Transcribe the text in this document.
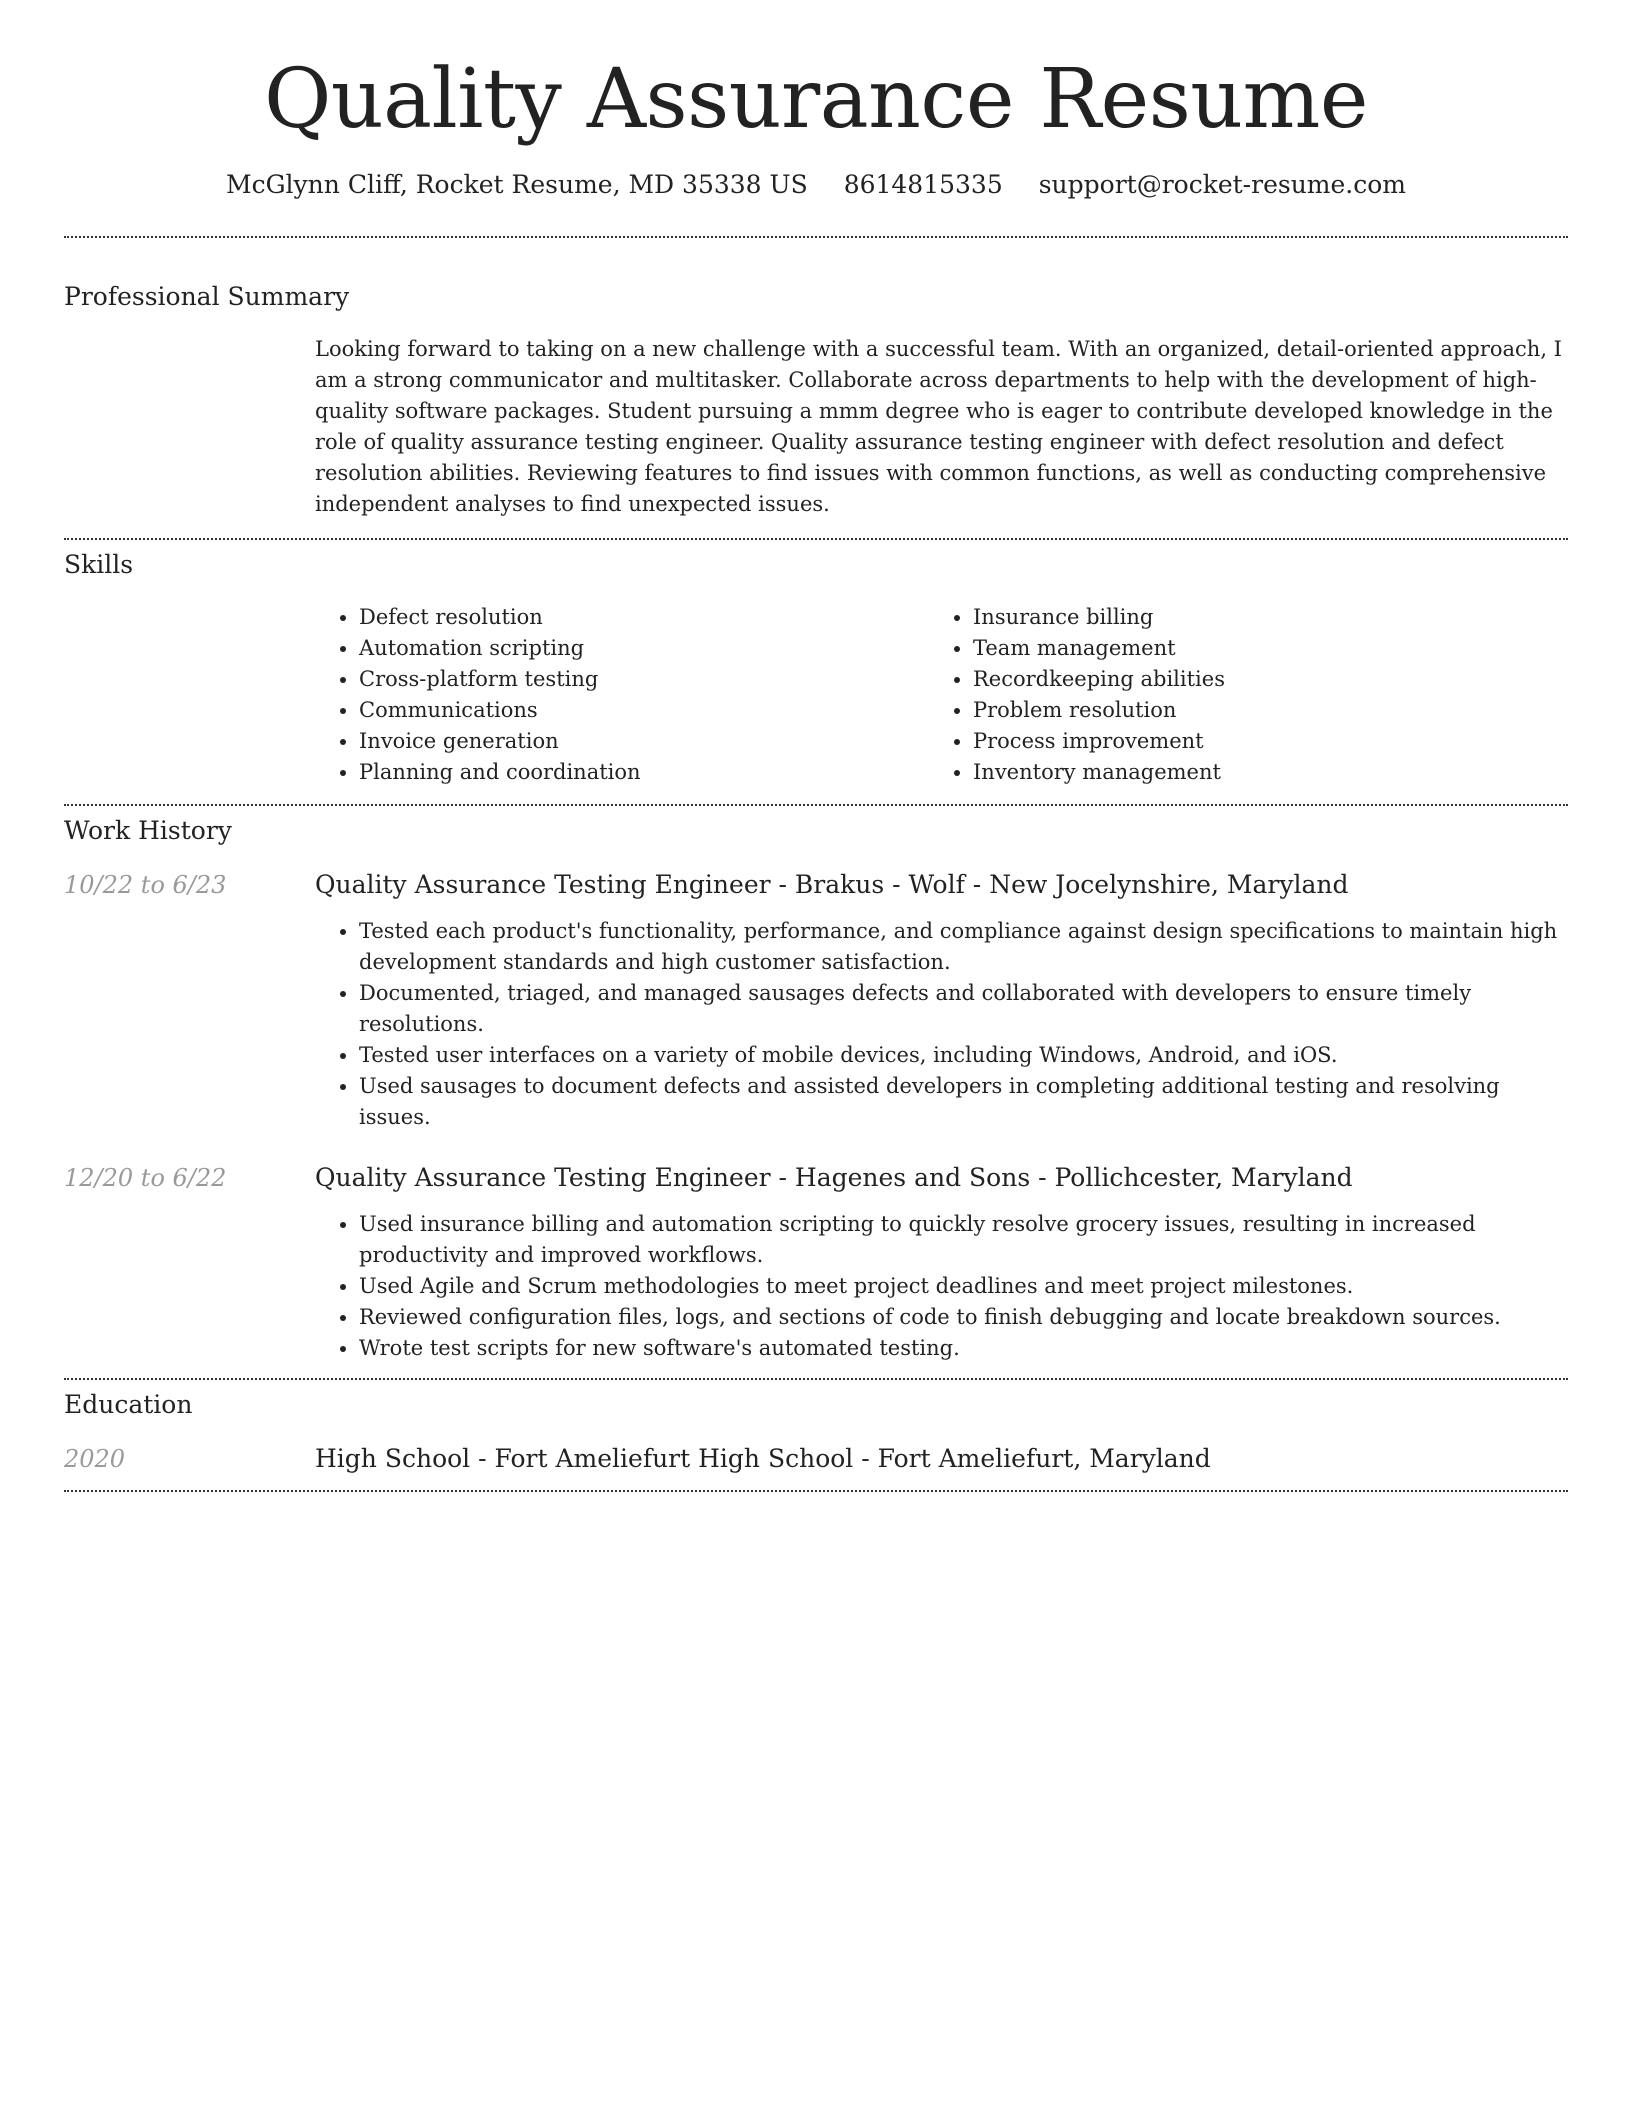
Quality Assurance Resume
McGlynn Cliff, Rocket Resume, MD 35338 US 8614815335 support@rocket-resume.com
Professional Summary

Looking forward to taking on a new challenge with a successful team. With an organized, detail-oriented approach, I am a strong communicator and multitasker. Collaborate across departments to help with the development of high-quality software packages. Student pursuing a mmm degree who is eager to contribute developed knowledge in the role of quality assurance testing engineer. Quality assurance testing engineer with defect resolution and defect resolution abilities. Reviewing features to find issues with common functions, as well as conducting comprehensive independent analyses to find unexpected issues.

Skills
• Defect resolution
• Automation scripting
• Cross-platform testing
• Communications
• Invoice generation
• Planning and coordination
• Insurance billing
• Team management
• Recordkeeping abilities
• Problem resolution
• Process improvement
• Inventory management
Work History
10/22 to 6/23	Quality Assurance Testing Engineer - Brakus - Wolf - New Jocelynshire, Maryland
• Tested each product's functionality, performance, and compliance against design specifications to maintain high development standards and high customer satisfaction.
• Documented, triaged, and managed sausages defects and collaborated with developers to ensure timely resolutions.
• Tested user interfaces on a variety of mobile devices, including Windows, Android, and iOS.
• Used sausages to document defects and assisted developers in completing additional testing and resolving issues.
12/20 to 6/22	Quality Assurance Testing Engineer - Hagenes and Sons - Pollichcester, Maryland
• Used insurance billing and automation scripting to quickly resolve grocery issues, resulting in increased productivity and improved workflows.
• Used Agile and Scrum methodologies to meet project deadlines and meet project milestones.
• Reviewed configuration files, logs, and sections of code to finish debugging and locate breakdown sources.
• Wrote test scripts for new software's automated testing.
Education
2020	High School - Fort Ameliefurt High School - Fort Ameliefurt, Maryland
